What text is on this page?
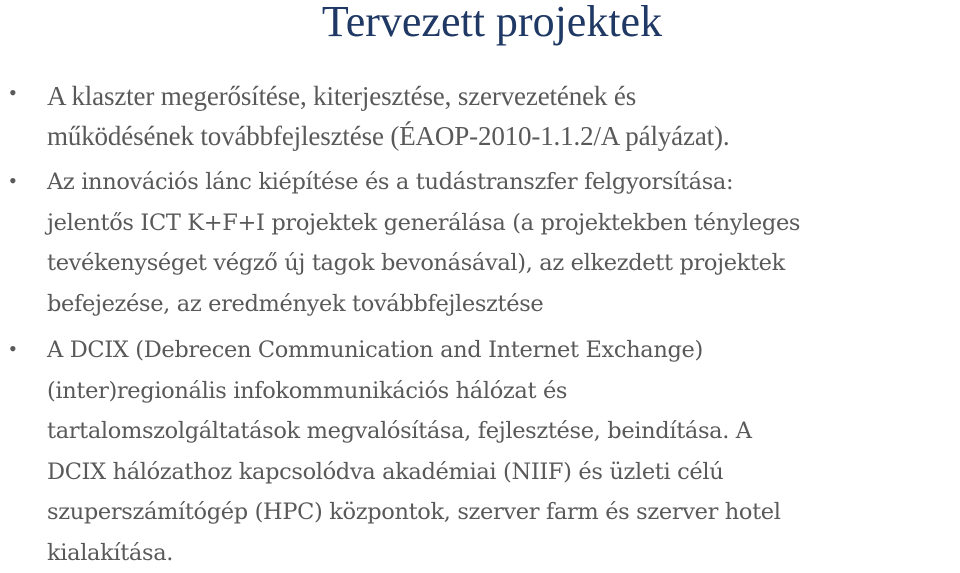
Tervezett projektek
• A klaszter megerősítése, kiterjesztése, szervezetének és
működésének továbbfejlesztése (ÉAOP-2010-1.1.2/A pályázat).
• Az innovációs lánc kiépítése és a tudástranszfer felgyorsítása:
jelentős ICT K+F+I projektek generálása (a projektekben tényleges
tevékenységet végző új tagok bevonásával), az elkezdett projektek
befejezése, az eredmények továbbfejlesztése
• A DCIX (Debrecen Communication and Internet Exchange)
(inter)regionális infokommunikációs hálózat és
tartalomszolgáltatások megvalósítása, fejlesztése, beindítása. A
DCIX hálózathoz kapcsolódva akadémiai (NIIF) és üzleti célú
szuperszámítógép (HPC) központok, szerver farm és szerver hotel
kialakítása.
